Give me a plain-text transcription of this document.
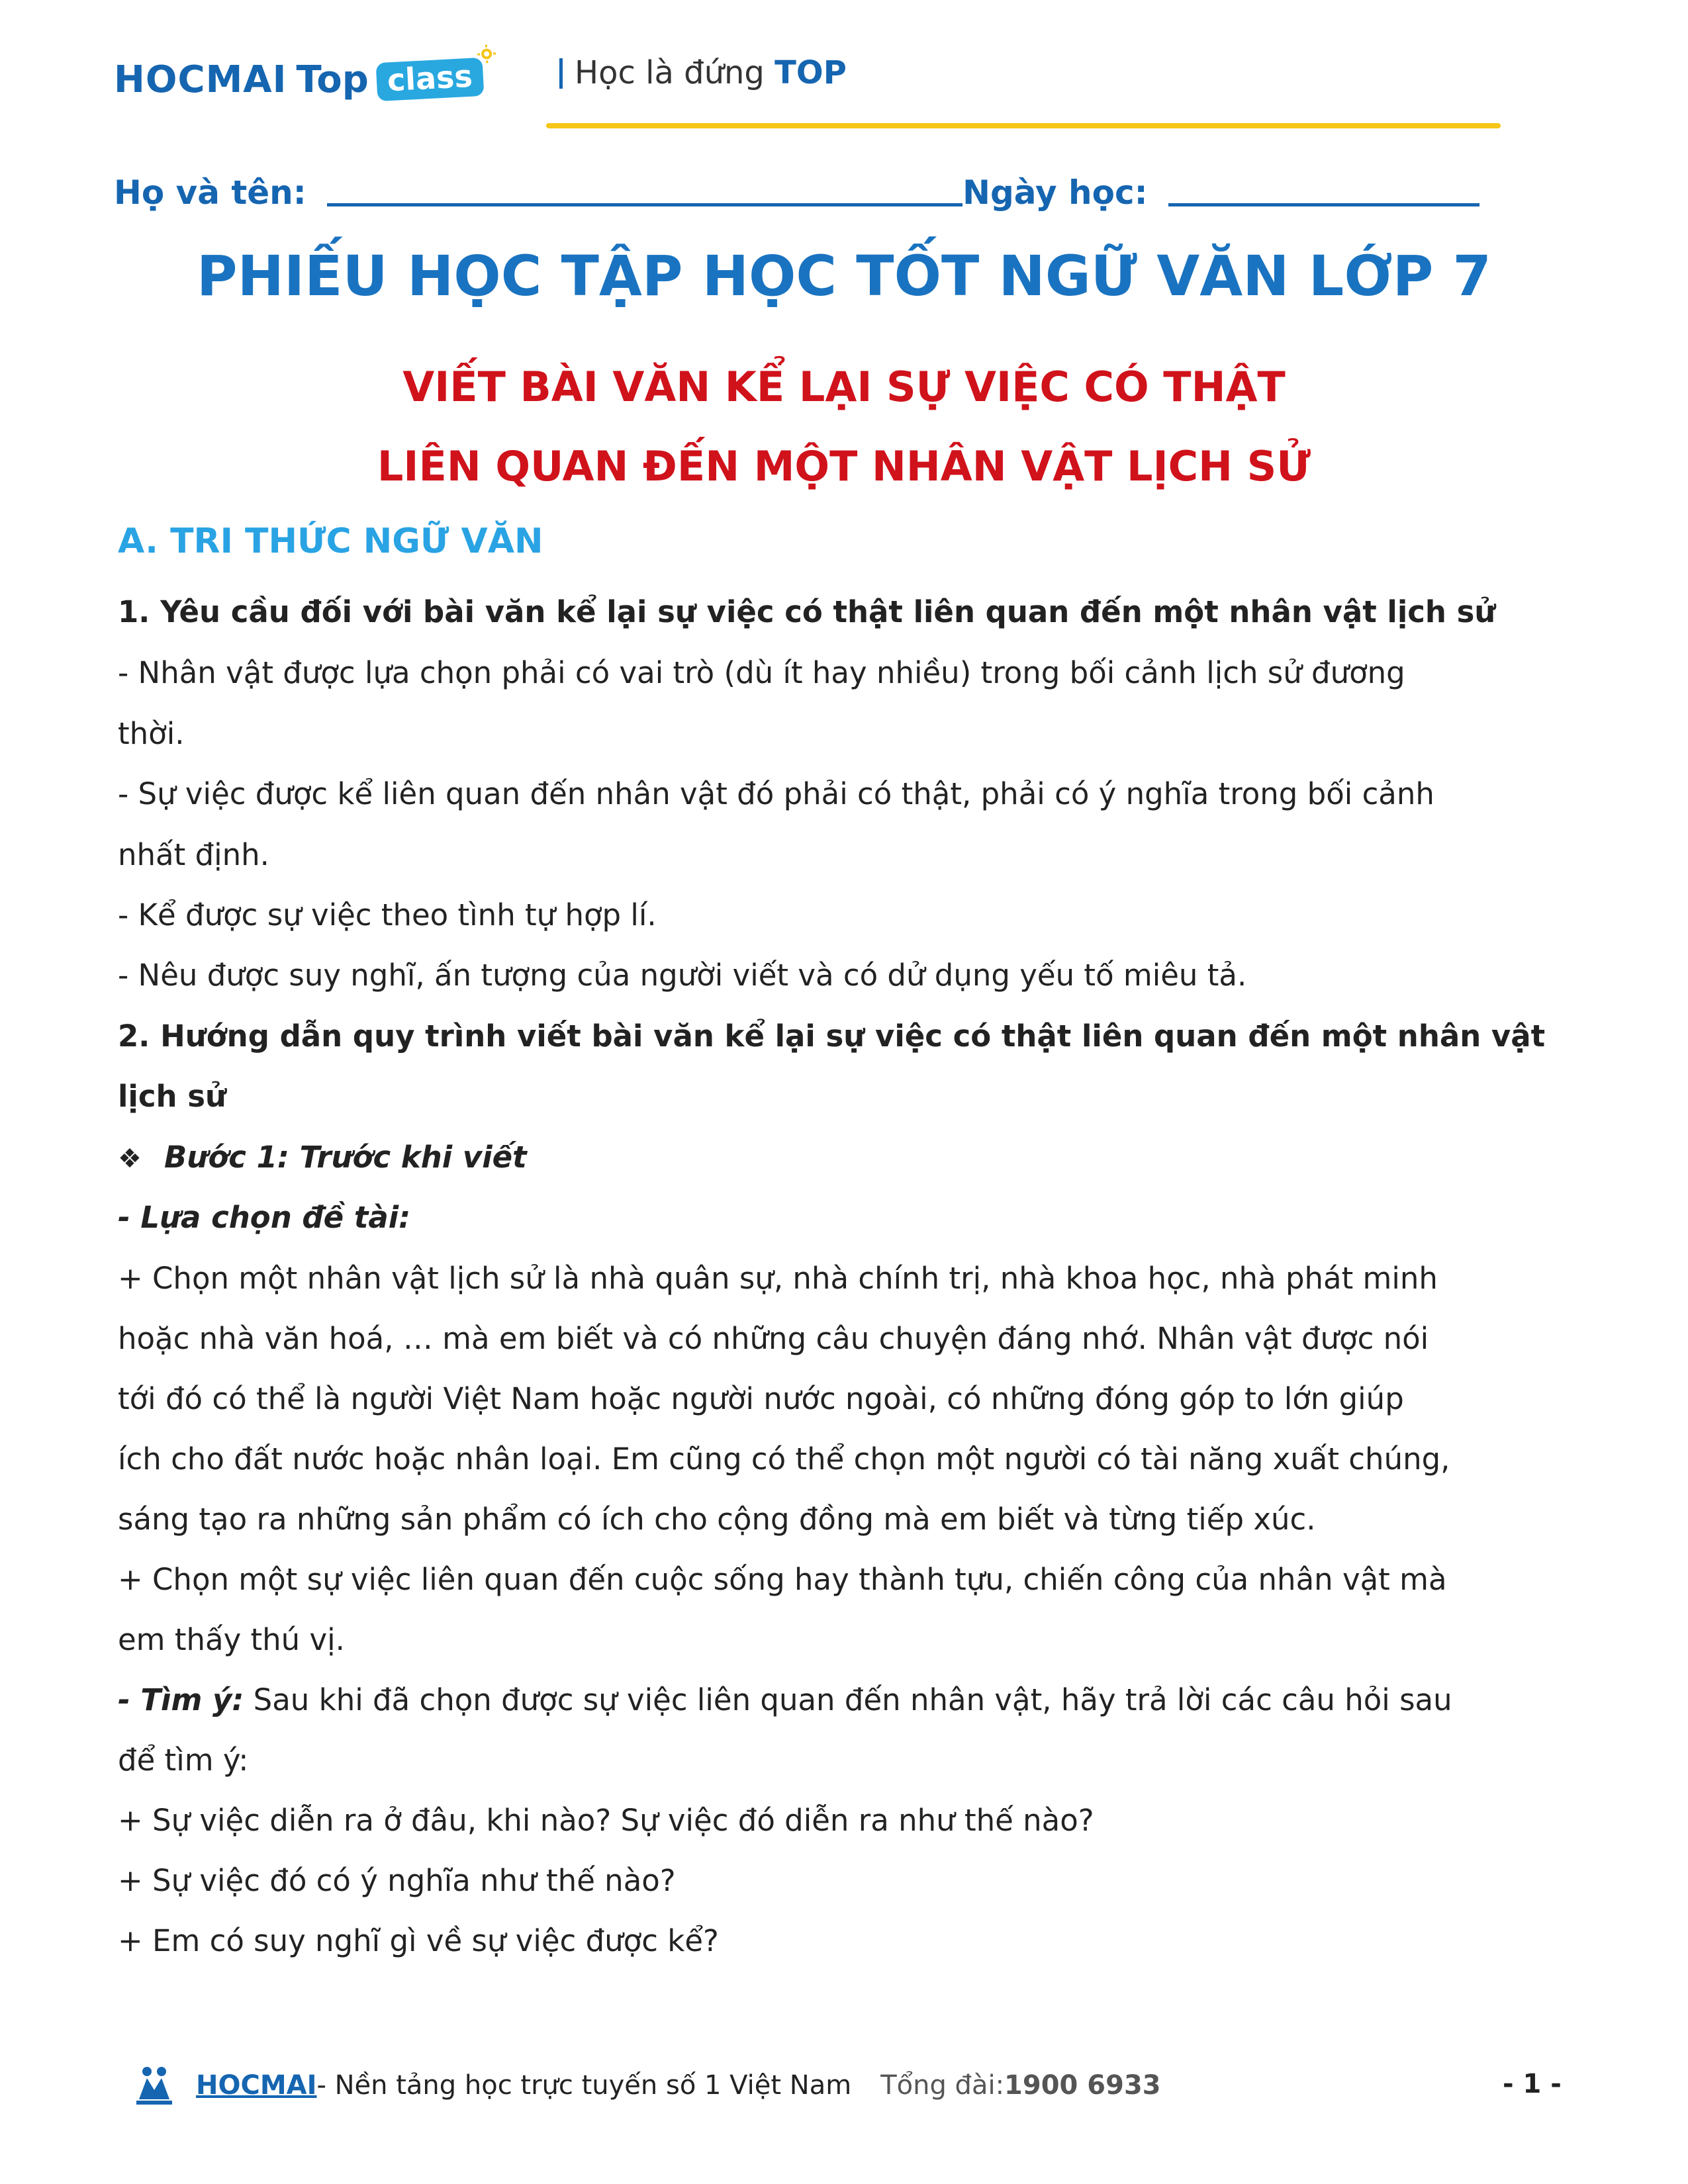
HOCMAI Top class	Học là đứng TOP
Họ và tên:	Ngày học:
PHIẾU HỌC TẬP HỌC TỐT NGỮ VĂN LỚP 7
VIẾT BÀI VĂN KỂ LẠI SỰ VIỆC CÓ THẬT
LIÊN QUAN ĐẾN MỘT NHÂN VẬT LỊCH SỬ
A. TRI THỨC NGỮ VĂN
1. Yêu cầu đối với bài văn kể lại sự việc có thật liên quan đến một nhân vật lịch sử
- Nhân vật được lựa chọn phải có vai trò (dù ít hay nhiều) trong bối cảnh lịch sử đương
thời.
- Sự việc được kể liên quan đến nhân vật đó phải có thật, phải có ý nghĩa trong bối cảnh
nhất định.
- Kể được sự việc theo tình tự hợp lí.
- Nêu được suy nghĩ, ấn tượng của người viết và có dử dụng yếu tố miêu tả.
2. Hướng dẫn quy trình viết bài văn kể lại sự việc có thật liên quan đến một nhân vật
lịch sử
❖ Bước 1: Trước khi viết
- Lựa chọn đề tài:
+ Chọn một nhân vật lịch sử là nhà quân sự, nhà chính trị, nhà khoa học, nhà phát minh
hoặc nhà văn hoá, … mà em biết và có những câu chuyện đáng nhớ. Nhân vật được nói
tới đó có thể là người Việt Nam hoặc người nước ngoài, có những đóng góp to lớn giúp
ích cho đất nước hoặc nhân loại. Em cũng có thể chọn một người có tài năng xuất chúng,
sáng tạo ra những sản phẩm có ích cho cộng đồng mà em biết và từng tiếp xúc.
+ Chọn một sự việc liên quan đến cuộc sống hay thành tựu, chiến công của nhân vật mà
em thấy thú vị.
- Tìm ý: Sau khi đã chọn được sự việc liên quan đến nhân vật, hãy trả lời các câu hỏi sau
để tìm ý:
+ Sự việc diễn ra ở đâu, khi nào? Sự việc đó diễn ra như thế nào?
+ Sự việc đó có ý nghĩa như thế nào?
+ Em có suy nghĩ gì về sự việc được kể?
HOCMAI - Nền tảng học trực tuyến số 1 Việt Nam Tổng đài: 1900 6933	- 1 -
